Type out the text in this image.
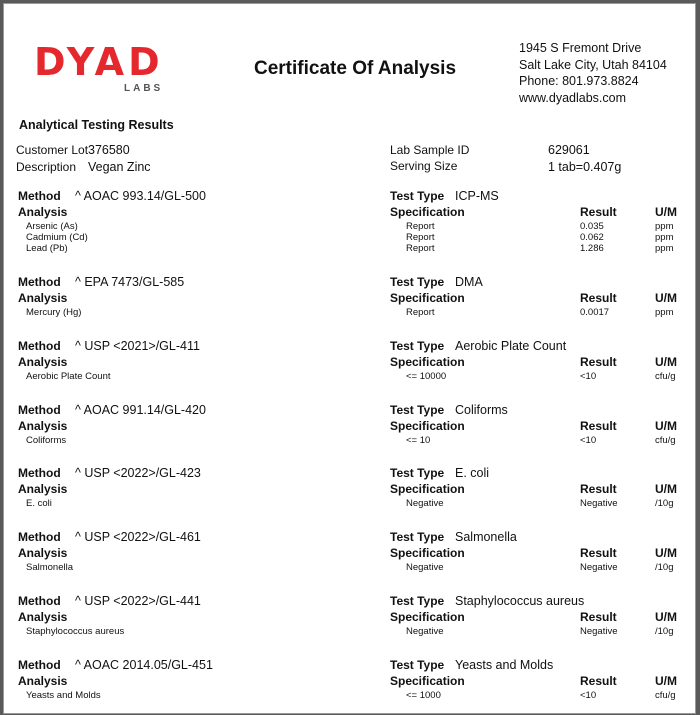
DYAD
LABS
Certificate Of Analysis
1945 S Fremont Drive
Salt Lake City, Utah 84104
Phone: 801.973.8824
www.dyadlabs.com
Analytical Testing Results
Customer Lot 376580
Description Vegan Zinc
Lab Sample ID	629061
Serving Size	1 tab=0.407g
Method ^ AOAC 993.14/GL-500
Analysis
Test Type ICP-MS
Specification	Result	U/M
Arsenic (As)	Report	0.035	ppm
Cadmium (Cd)	Report	0.062	ppm
Lead (Pb)	Report	1.286	ppm
Method ^ EPA 7473/GL-585
Analysis
Test Type DMA
Specification	Result	U/M
Mercury (Hg)	Report	0.0017	ppm
Method ^ USP <2021>/GL-411
Analysis
Test Type Aerobic Plate Count
Specification	Result	U/M
Aerobic Plate Count	<= 10000	<10	cfu/g
Method ^ AOAC 991.14/GL-420
Analysis
Test Type Coliforms
Specification	Result	U/M
Coliforms	<= 10	<10	cfu/g
Method ^ USP <2022>/GL-423
Analysis
Test Type E. coli
Specification	Result	U/M
E. coli	Negative	Negative	/10g
Method ^ USP <2022>/GL-461
Analysis
Test Type Salmonella
Specification	Result	U/M
Salmonella	Negative	Negative	/10g
Method ^ USP <2022>/GL-441
Analysis
Test Type Staphylococcus aureus
Specification	Result	U/M
Staphylococcus aureus	Negative	Negative	/10g
Method ^ AOAC 2014.05/GL-451
Analysis
Test Type Yeasts and Molds
Specification	Result	U/M
Yeasts and Molds	<= 1000	<10	cfu/g
